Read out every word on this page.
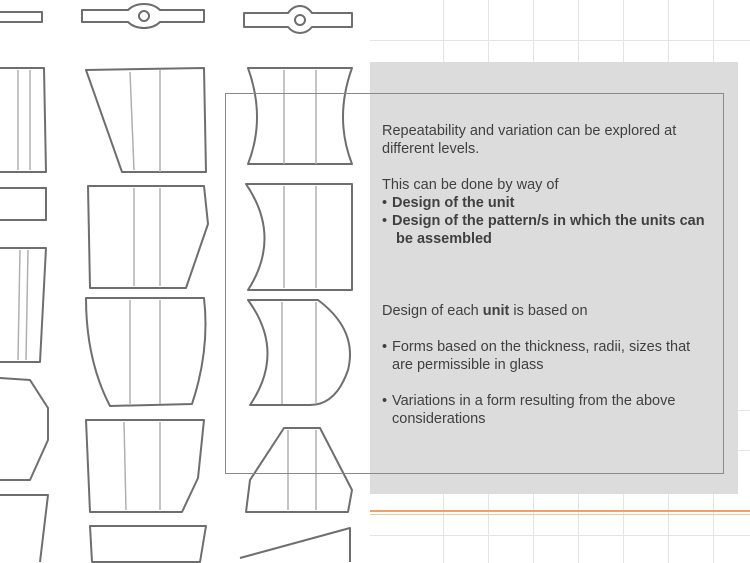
Repeatability and variation can be explored at

different levels.

This can be done by way of

• Design of the unit
• Design of the pattern/s in which the units can

be assembled

Design of each unit is based on

• Forms based on the thickness, radii, sizes that

are permissible in glass

• Variations in a form resulting from the above

considerations
